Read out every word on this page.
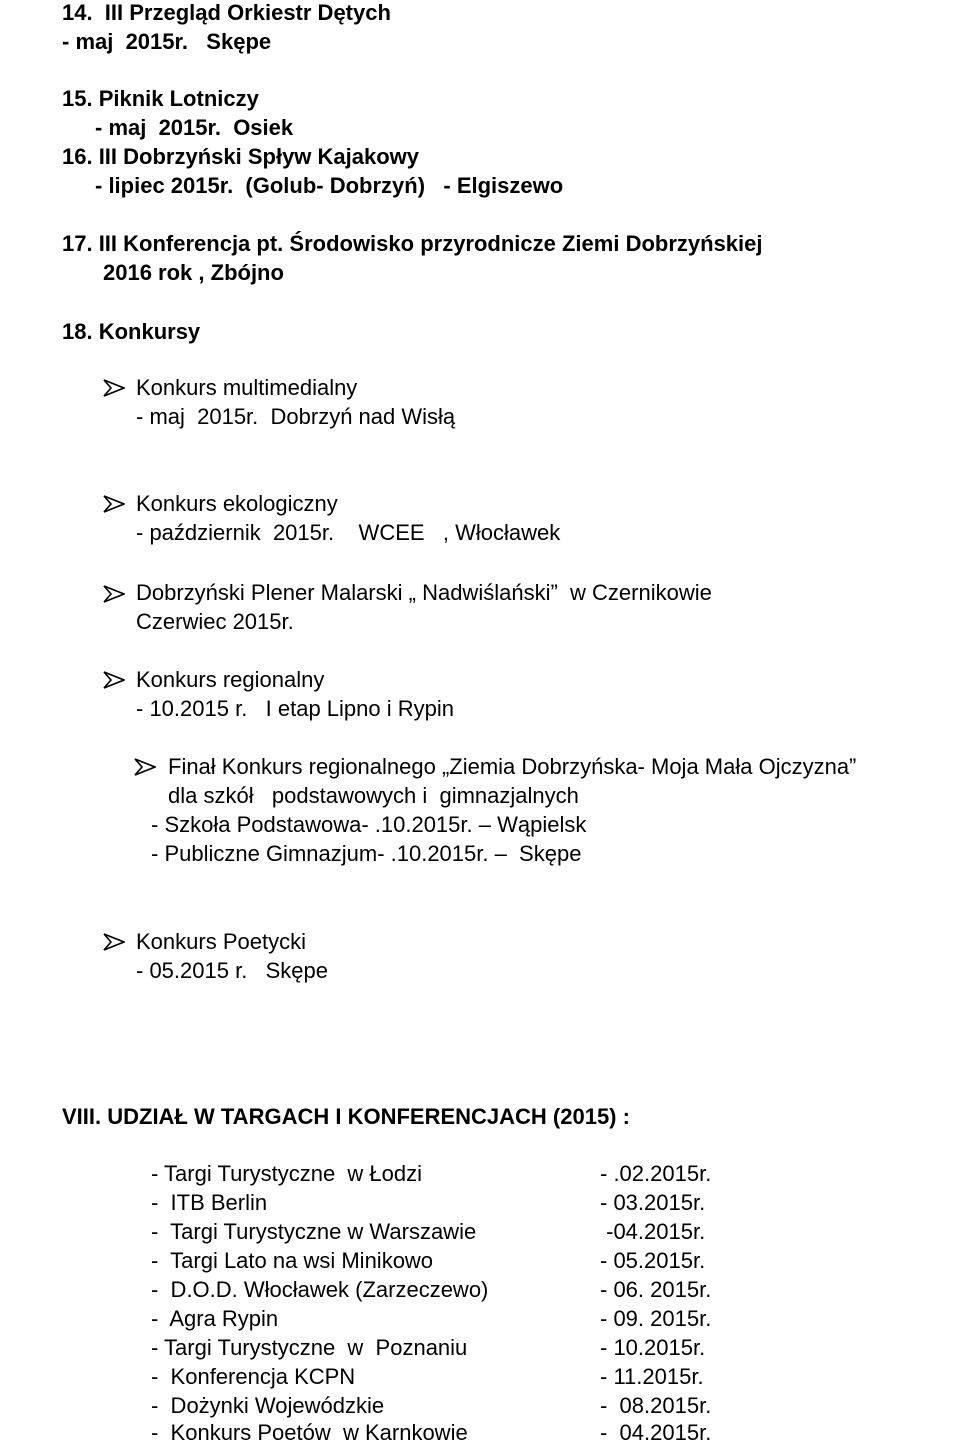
14.  III Przegląd Orkiestr Dętych
- maj  2015r.   Skępe
15. Piknik Lotniczy
- maj  2015r.  Osiek
16. III Dobrzyński Spływ Kajakowy
- lipiec 2015r.  (Golub- Dobrzyń)   - Elgiszewo
17. III Konferencja pt. Środowisko przyrodnicze Ziemi Dobrzyńskiej
2016 rok , Zbójno
18. Konkursy
Konkurs multimedialny
- maj  2015r.  Dobrzyń nad Wisłą
Konkurs ekologiczny
- październik  2015r.    WCEE   , Włocławek
Dobrzyński Plener Malarski „ Nadwiślański”  w Czernikowie
Czerwiec 2015r.
Konkurs regionalny
- 10.2015 r.   I etap Lipno i Rypin
Finał Konkurs regionalnego „Ziemia Dobrzyńska- Moja Mała Ojczyzna”
dla szkół   podstawowych i  gimnazjalnych
- Szkoła Podstawowa- .10.2015r. – Wąpielsk
- Publiczne Gimnazjum- .10.2015r. –  Skępe
Konkurs Poetycki
- 05.2015 r.   Skępe
VIII. UDZIAŁ W TARGACH I KONFERENCJACH (2015) :
- Targi Turystyczne  w Łodzi	- .02.2015r.
-  ITB Berlin	- 03.2015r.
-  Targi Turystyczne w Warszawie	-04.2015r.
-  Targi Lato na wsi Minikowo	- 05.2015r.
-  D.O.D. Włocławek (Zarzeczewo)	- 06. 2015r.
-  Agra Rypin	- 09. 2015r.
- Targi Turystyczne  w  Poznaniu	- 10.2015r.
-  Konferencja KCPN	- 11.2015r.
-  Dożynki Wojewódzkie	-  08.2015r.
-  Konkurs Poetów  w Karnkowie	-  04.2015r.
